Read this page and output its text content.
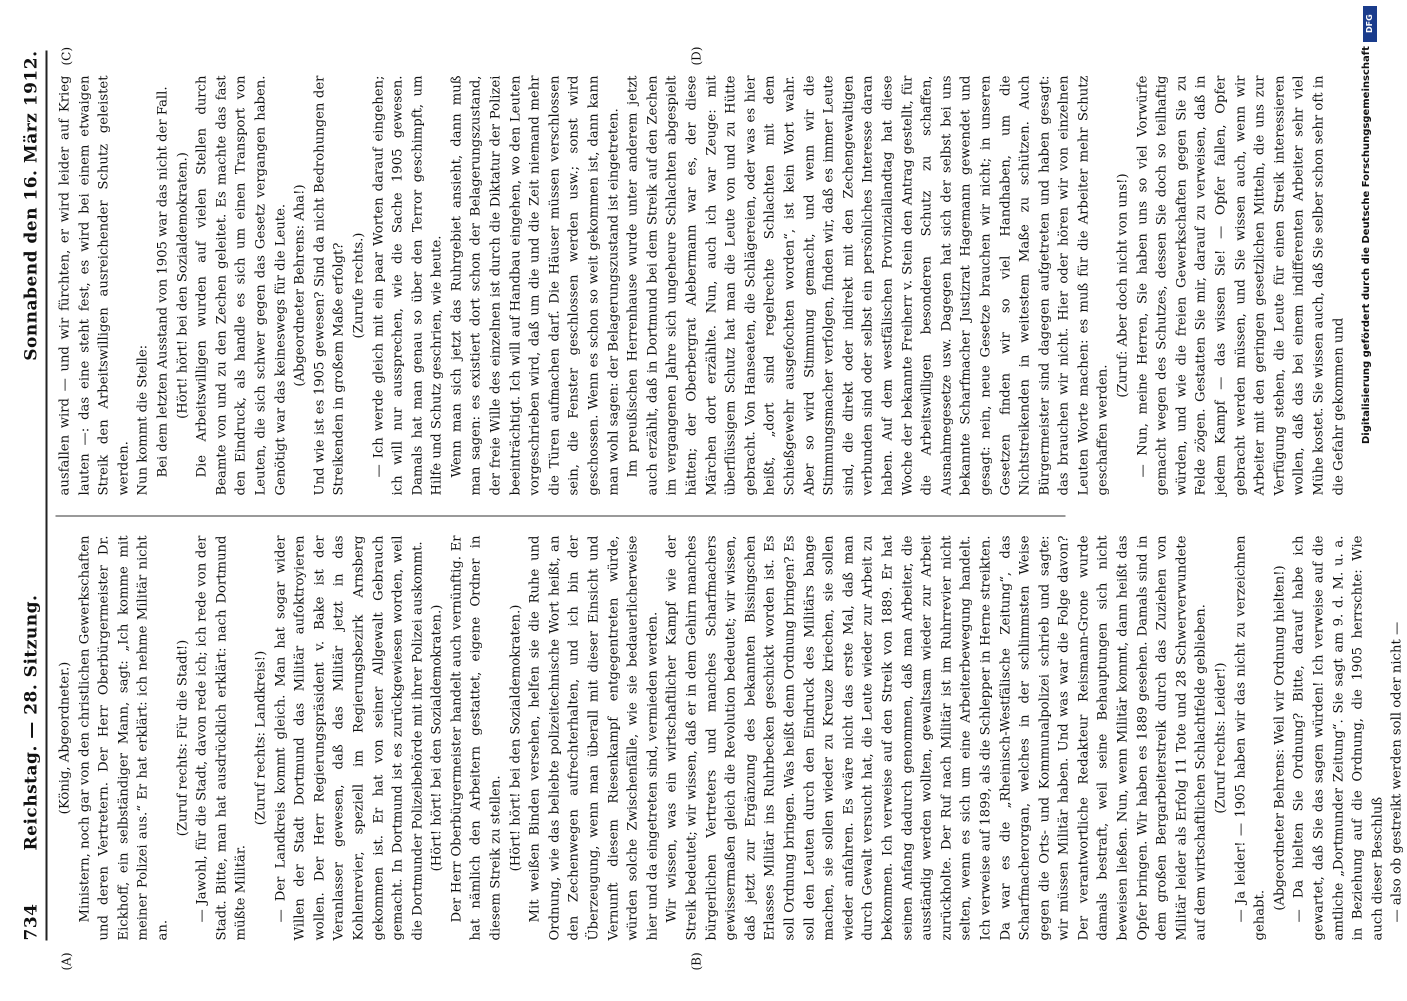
734
Reichstag. — 28. Sitzung.
Sonnabend den 16. März 1912.

(König, Abgeordneter.) Ministern, noch gar von den christlichen Gewerkschaften und deren Vertretern. Der Herr Oberbürgermeister Dr. Eickhoff, ein selbständiger Mann, sagt: „Ich komme mit meiner Polizei aus.“ Er hat erklärt: ich nehme Militär nicht an.

(Zuruf rechts: Für die Stadt!) — Jawohl, für die Stadt, davon rede ich; ich rede von der Stadt. Bitte, man hat ausdrücklich erklärt: nach Dortmund müßte Militär.

(Zuruf rechts: Landkreis!) — Der Landkreis kommt gleich. Man hat sogar wider Willen der Stadt Dortmund das Militär aufoktroyieren wollen. Der Herr Regierungspräsident v. Bake ist der Veranlasser gewesen, daß das Militär jetzt in das Kohlenrevier, speziell im Regierungsbezirk Arnsberg gekommen ist. Er hat von seiner Allgewalt Gebrauch gemacht. In Dortmund ist es zurückgewiesen worden, weil die Dortmunder Polizeibehörde mit ihrer Polizei auskommt. (Hört! hört! bei den Sozialdemokraten.) Der Herr Oberbürgermeister handelt auch vernünftig. Er hat nämlich den Arbeitern gestattet, eigene Ordner in diesem Streik zu stellen. (Hört! hört! bei den Sozialdemokraten.) Mit weißen Binden versehen, helfen sie die Ruhe und Ordnung, wie das beliebte polizeitechnische Wort heißt, an den Zechenwegen aufrechterhalten, und ich bin der Überzeugung, wenn man überall mit dieser Einsicht und Vernunft diesem Riesenkampf entgegentreten würde, würden solche Zwischenfälle, wie sie bedauerlicherweise hier und da eingetreten sind, vermieden werden. Wir wissen, was ein wirtschaftlicher Kampf wie der Streik bedeutet; wir wissen, daß er in dem Gehirn manches bürgerlichen Vertreters und manches Scharfmachers gewissermaßen gleich die Revolution bedeutet; wir wissen, daß jetzt zur Ergänzung des bekannten Bissingschen Erlasses Militär ins Ruhrbecken geschickt worden ist. Es soll Ordnung bringen. Was heißt denn Ordnung bringen? Es soll den Leuten durch den Eindruck des Militärs bange machen, sie sollen wieder zu Kreuze kriechen, sie sollen wieder anfahren. Es wäre nicht das erste Mal, daß man durch Gewalt versucht hat, die Leute wieder zur Arbeit zu bekommen. Ich verweise auf den Streik von 1889. Er hat seinen Anfang dadurch genommen, daß man Arbeiter, die ausständig werden wollten, gewaltsam wieder zur Arbeit zurückholte. Der Ruf nach Militär ist im Ruhrrevier nicht selten, wenn es sich um eine Arbeiterbewegung handelt. Ich verweise auf 1899, als die Schlepper in Herne streikten. Da war es die „Rheinisch-Westfälische Zeitung“, das Scharfmacherorgan, welches in der schlimmsten Weise gegen die Orts- und Kommunalpolizei schrieb und sagte: wir müssen Militär haben. Und was war die Folge davon? Der verantwortliche Redakteur Reismann-Grone wurde damals bestraft, weil seine Behauptungen sich nicht beweisen ließen. Nun, wenn Militär kommt, dann heißt das Opfer bringen. Wir haben es 1889 gesehen. Damals sind in dem großen Bergarbeiterstreik durch das Zuziehen von Militär leider als Erfolg 11 Tote und 28 Schwerverwundete auf dem wirtschaftlichen Schlachtfelde geblieben. (Zuruf rechts: Leider!) — Ja leider! — 1905 haben wir das nicht zu verzeichnen gehabt.

(Abgeordneter Behrens: Weil wir Ordnung hielten!) — Da hielten Sie Ordnung? Bitte, darauf habe ich gewartet, daß Sie das sagen würden! Ich verweise auf die amtliche „Dortmunder Zeitung“. Sie sagt am 9. d. M. u. a. in Beziehung auf die Ordnung, die 1905 herrschte: Wie auch dieser Beschluß — also ob gestreikt werden soll oder nicht —

ausfallen wird — und wir fürchten, er wird leider auf Krieg lauten —: das eine steht fest, es wird bei einem etwaigen Streik den Arbeitswilligen ausreichender Schutz geleistet werden. Nun kommt die Stelle: Bei dem letzten Ausstand von 1905 war das nicht der Fall. (Hört! hört! bei den Sozialdemokraten.) Die Arbeitswilligen wurden auf vielen Stellen durch Beamte von und zu den Zechen geleitet. Es machte das fast den Eindruck, als handle es sich um einen Transport von Leuten, die sich schwer gegen das Gesetz vergangen haben. Genötigt war das keineswegs für die Leute. (Abgeordneter Behrens: Aha!) Und wie ist es 1905 gewesen? Sind da nicht Bedrohungen der Streikenden in großem Maße erfolgt? (Zurufe rechts.) — Ich werde gleich mit ein paar Worten darauf eingehen; ich will nur aussprechen, wie die Sache 1905 gewesen. Damals hat man genau so über den Terror geschimpft, um Hilfe und Schutz geschrien, wie heute. Wenn man sich jetzt das Ruhrgebiet ansieht, dann muß man sagen: es existiert dort schon der Belagerungszustand, der freie Wille des einzelnen ist durch die Diktatur der Polizei beeinträchtigt. Ich will auf Handbau eingehen, wo den Leuten vorgeschrieben wird, daß um die und die Zeit niemand mehr die Türen aufmachen darf. Die Häuser müssen verschlossen sein, die Fenster geschlossen werden usw.; sonst wird geschossen. Wenn es schon so weit gekommen ist, dann kann man wohl sagen: der Belagerungszustand ist eingetreten. Im preußischen Herrenhause wurde unter anderem jetzt auch erzählt, daß in Dortmund bei dem Streik auf den Zechen im vergangenen Jahre sich ungeheure Schlachten abgespielt hätten; der Oberbergrat Alebermann war es, der diese Märchen dort erzählte. Nun, auch ich war Zeuge: mit überflüssigem Schutz hat man die Leute von und zu Hütte gebracht. Von Hanseaten, die Schlägereien, oder was es hier heißt, „dort sind regelrechte Schlachten mit dem Schießgewehr ausgefochten worden“, ist kein Wort wahr. Aber so wird Stimmung gemacht, und wenn wir die Stimmungsmacher verfolgen, finden wir, daß es immer Leute sind, die direkt oder indirekt mit den Zechengewaltigen verbunden sind oder selbst ein persönliches Interesse daran haben. Auf dem westfälischen Provinziallandtag hat diese Woche der bekannte Freiherr v. Stein den Antrag gestellt, für die Arbeitswilligen besonderen Schutz zu schaffen, Ausnahmegesetze usw. Dagegen hat sich der selbst bei uns bekannte Scharfmacher Justizrat Hagemann gewendet und gesagt: nein, neue Gesetze brauchen wir nicht; in unseren Gesetzen finden wir so viel Handhaben, um die Nichtstreikenden in weitestem Maße zu schützen. Auch Bürgermeister sind dagegen aufgetreten und haben gesagt: das brauchen wir nicht. Hier oder hören wir von einzelnen Leuten Worte machen: es muß für die Arbeiter mehr Schutz geschaffen werden.

(Zuruf: Aber doch nicht von uns!) — Nun, meine Herren, Sie haben uns so viel Vorwürfe gemacht wegen des Schutzes, dessen Sie doch so teilhaftig würden, und wie die freien Gewerkschaften gegen Sie zu Felde zögen. Gestatten Sie mir, darauf zu verweisen, daß in jedem Kampf — das wissen Sie! — Opfer fallen, Opfer gebracht werden müssen, und Sie wissen auch, wenn wir Arbeiter mit den geringen gesetzlichen Mitteln, die uns zur Verfügung stehen, die Leute für einen Streik interessieren wollen, daß das bei einem indifferenten Arbeiter sehr viel Mühe kostet. Sie wissen auch, daß Sie selber schon sehr oft in die Gefahr gekommen und

(A)	(B)
(C)	(D)
DFG
Digitalisierung gefördert durch die Deutsche Forschungsgemeinschaft
